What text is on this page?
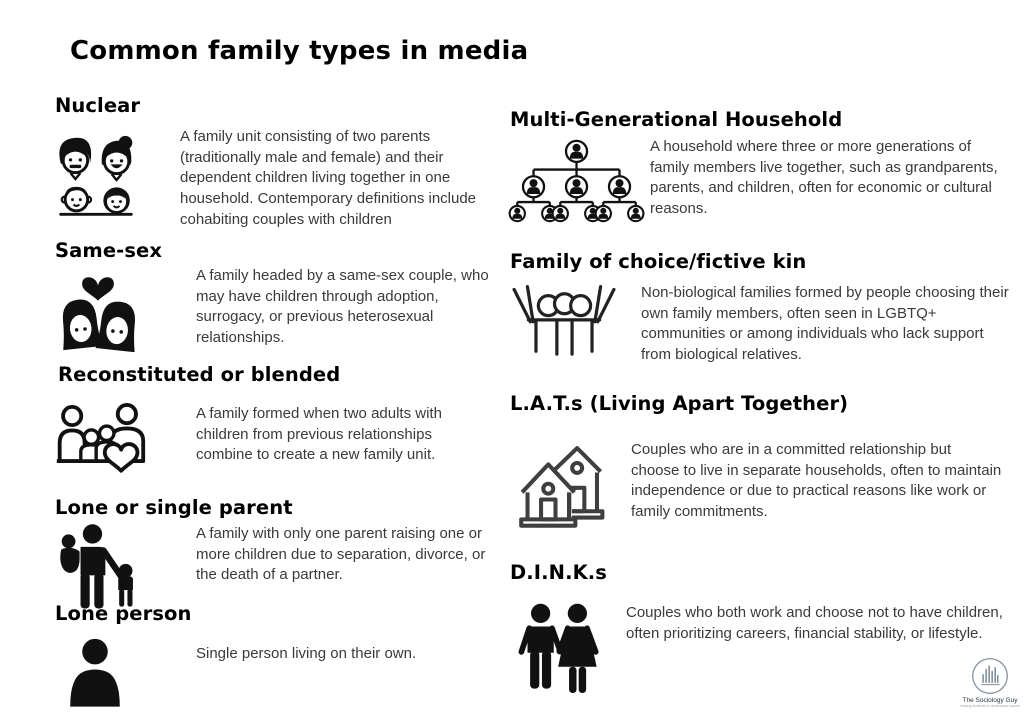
Common family types in media
Nuclear
A family unit consisting of two parents (traditionally male and female) and their dependent children living together in one household. Contemporary definitions include cohabiting couples with children
Same-sex
A family headed by a same-sex couple, who may have children through adoption, surrogacy, or previous heterosexual relationships.
Reconstituted or blended
A family formed when two adults with children from previous relationships combine to create a new family unit.
Lone or single parent
A family with only one parent raising one or more children due to separation, divorce, or the death of a partner.
Lone person
Single person living on their own.
Multi-Generational Household
A household where three or more generations of family members live together, such as grandparents, parents, and children, often for economic or cultural reasons.
Family of choice/fictive kin
Non-biological families formed by people choosing their own family members, often seen in LGBTQ+ communities or among individuals who lack support from biological relatives.
L.A.T.s (Living Apart Together)
Couples who are in a committed relationship but choose to live in separate households, often to maintain independence or due to practical reasons like work or family commitments.
D.I.N.K.s
Couples who both work and choose not to have children, often prioritizing careers, financial stability, or lifestyle.
The Sociology Guy
helping students to understand society
